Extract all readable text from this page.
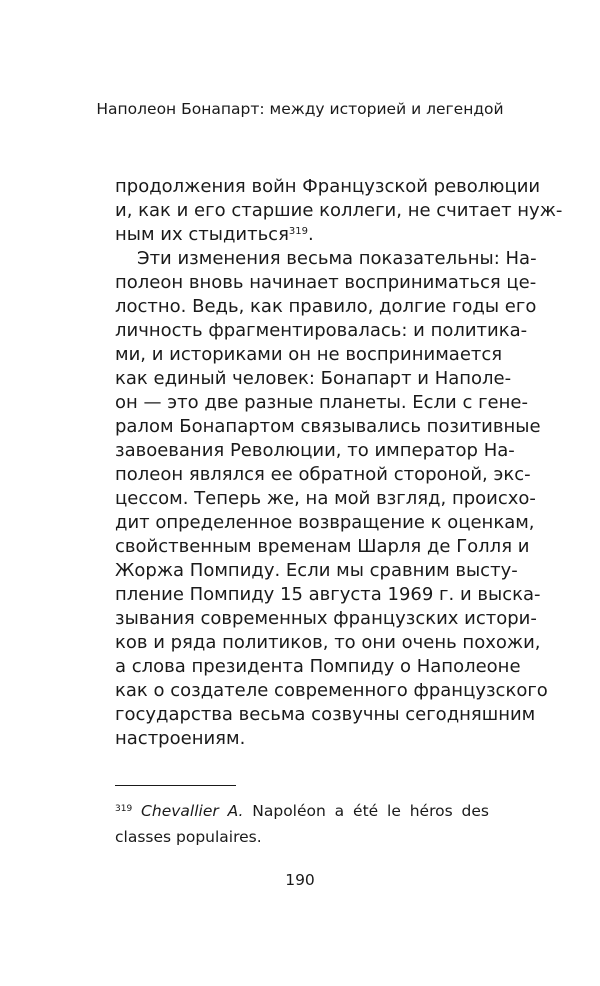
Наполеон Бонапарт: между историей и легендой
продолжения войн Французской революции
и, как и его старшие коллеги, не считает нуж-
ным их стыдиться$^{319}$.
Эти изменения весьма показательны: На-
полеон вновь начинает восприниматься це-
лостно. Ведь, как правило, долгие годы его
личность фрагментировалась: и политика-
ми, и историками он не воспринимается
как единый человек: Бонапарт и Наполе-
он — это две разные планеты. Если с гене-
ралом Бонапартом связывались позитивные
завоевания Революции, то император На-
полеон являлся ее обратной стороной, экс-
цессом. Теперь же, на мой взгляд, происхо-
дит определенное возвращение к оценкам,
свойственным временам Шарля де Голля и
Жоржа Помпиду. Если мы сравним высту-
пление Помпиду 15 августа 1969 г. и выска-
зывания современных французских истори-
ков и ряда политиков, то они очень похожи,
а слова президента Помпиду о Наполеоне
как о создателе современного французского
государства весьма созвучны сегодняшним
настроениям.
$^{319}$ Chevallier A. Napoléon a été le héros des
classes populaires.
190
